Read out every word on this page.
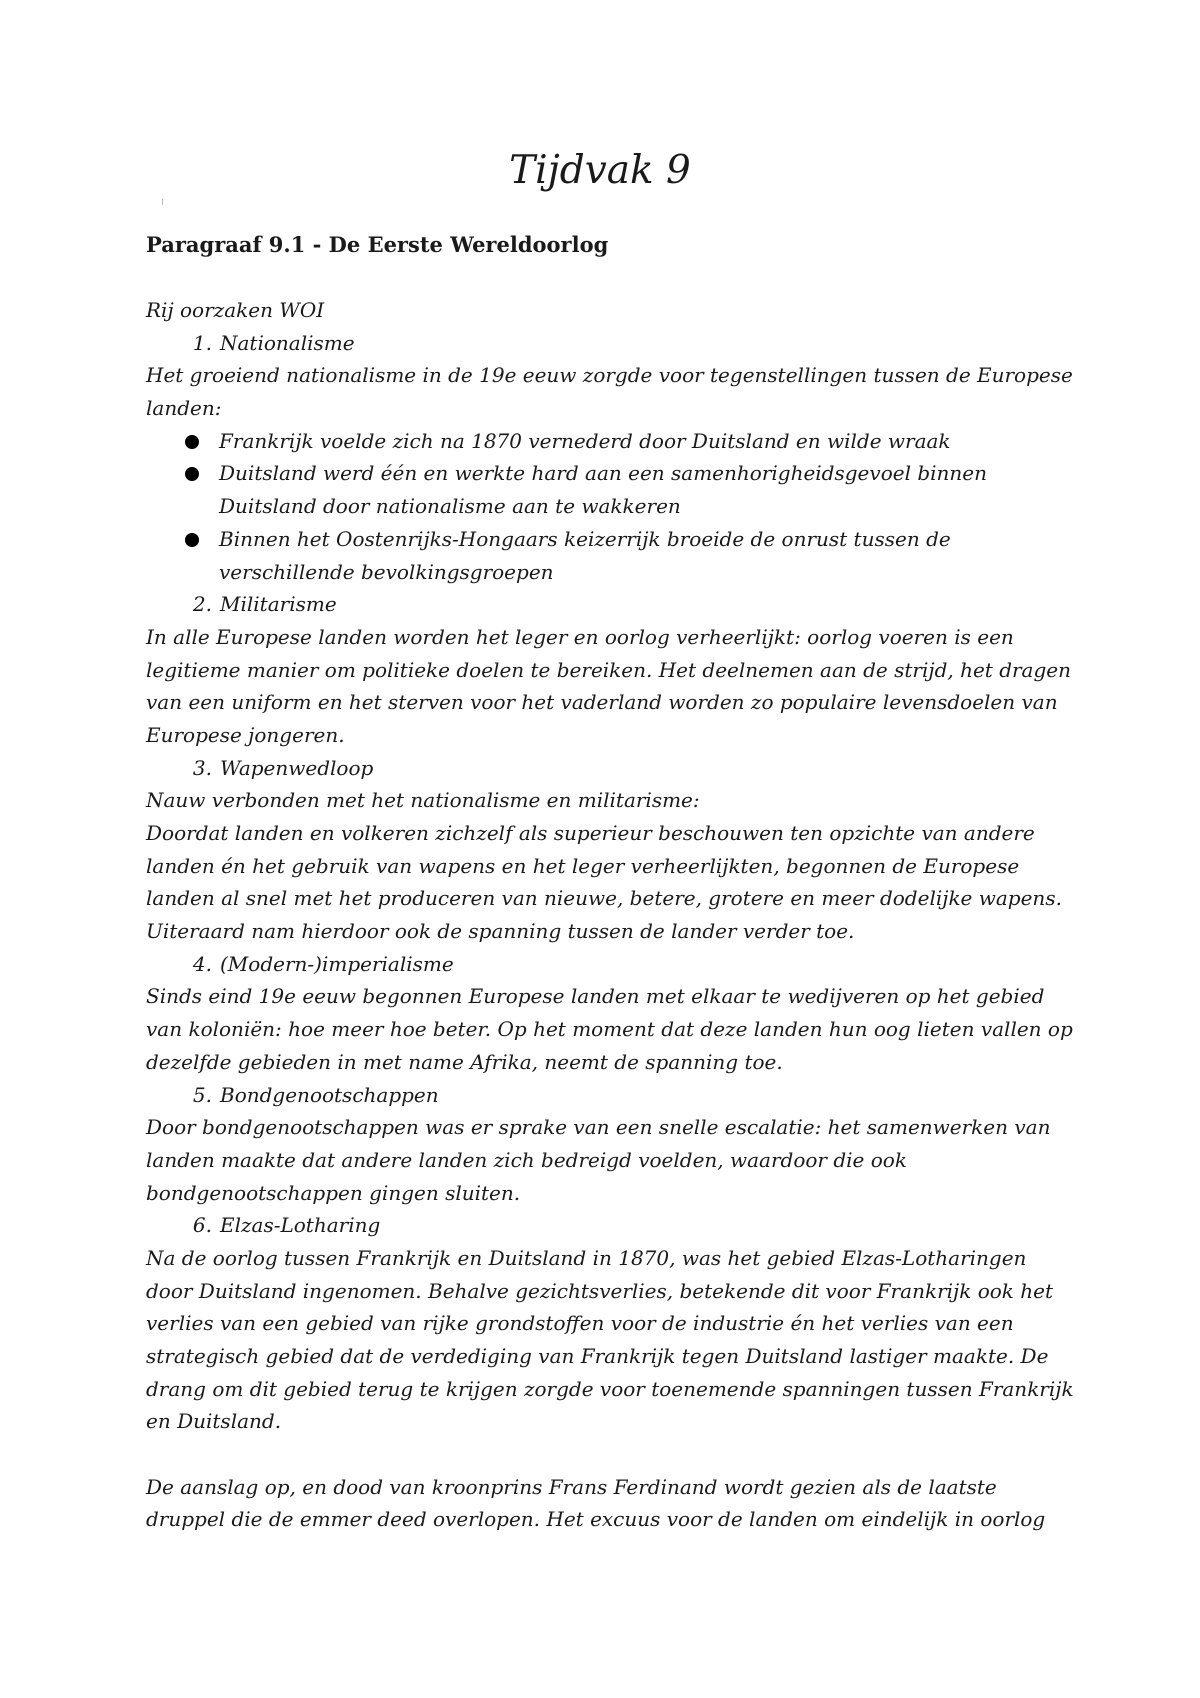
Tijdvak 9
Paragraaf 9.1 - De Eerste Wereldoorlog
Rij oorzaken WOI
1. Nationalisme
Het groeiend nationalisme in de 19e eeuw zorgde voor tegenstellingen tussen de Europese
landen:
Frankrijk voelde zich na 1870 vernederd door Duitsland en wilde wraak
Duitsland werd één en werkte hard aan een samenhorigheidsgevoel binnen
Duitsland door nationalisme aan te wakkeren
Binnen het Oostenrijks-Hongaars keizerrijk broeide de onrust tussen de
verschillende bevolkingsgroepen
2. Militarisme
In alle Europese landen worden het leger en oorlog verheerlijkt: oorlog voeren is een
legitieme manier om politieke doelen te bereiken. Het deelnemen aan de strijd, het dragen
van een uniform en het sterven voor het vaderland worden zo populaire levensdoelen van
Europese jongeren.
3. Wapenwedloop
Nauw verbonden met het nationalisme en militarisme:
Doordat landen en volkeren zichzelf als superieur beschouwen ten opzichte van andere
landen én het gebruik van wapens en het leger verheerlijkten, begonnen de Europese
landen al snel met het produceren van nieuwe, betere, grotere en meer dodelijke wapens.
Uiteraard nam hierdoor ook de spanning tussen de lander verder toe.
4. (Modern-)imperialisme
Sinds eind 19e eeuw begonnen Europese landen met elkaar te wedijveren op het gebied
van koloniën: hoe meer hoe beter. Op het moment dat deze landen hun oog lieten vallen op
dezelfde gebieden in met name Afrika, neemt de spanning toe.
5. Bondgenootschappen
Door bondgenootschappen was er sprake van een snelle escalatie: het samenwerken van
landen maakte dat andere landen zich bedreigd voelden, waardoor die ook
bondgenootschappen gingen sluiten.
6. Elzas-Lotharing
Na de oorlog tussen Frankrijk en Duitsland in 1870, was het gebied Elzas-Lotharingen
door Duitsland ingenomen. Behalve gezichtsverlies, betekende dit voor Frankrijk ook het
verlies van een gebied van rijke grondstoffen voor de industrie én het verlies van een
strategisch gebied dat de verdediging van Frankrijk tegen Duitsland lastiger maakte. De
drang om dit gebied terug te krijgen zorgde voor toenemende spanningen tussen Frankrijk
en Duitsland.
De aanslag op, en dood van kroonprins Frans Ferdinand wordt gezien als de laatste
druppel die de emmer deed overlopen. Het excuus voor de landen om eindelijk in oorlog
